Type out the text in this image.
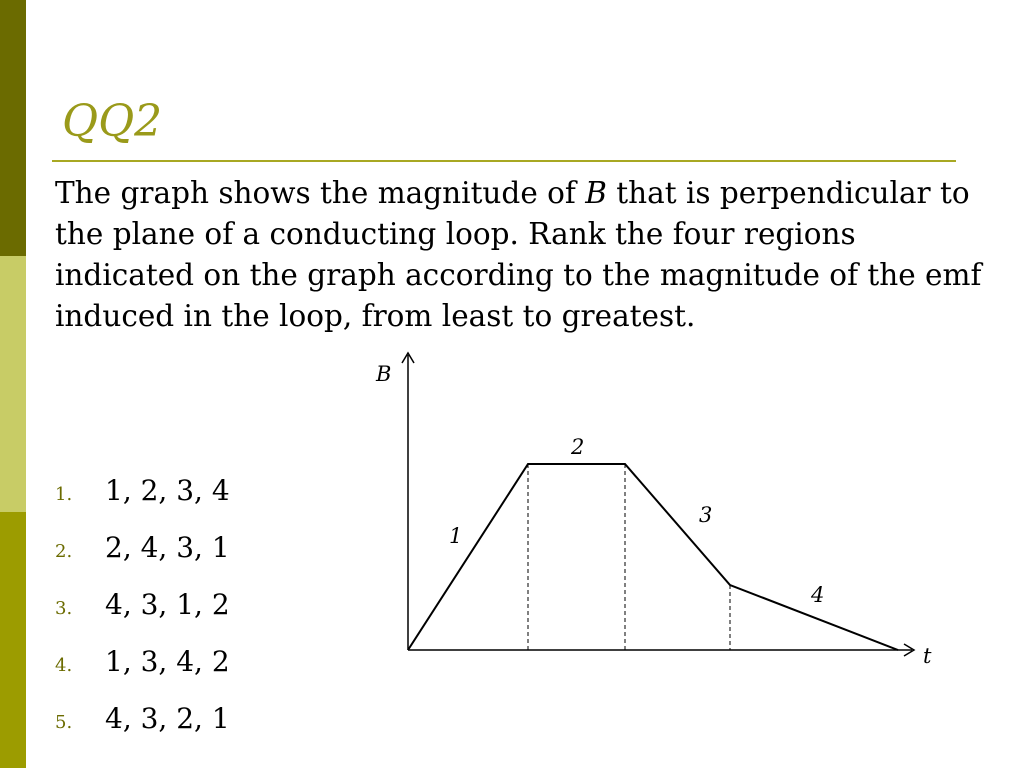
QQ2
The graph shows the magnitude of B that is perpendicular to the plane of a conducting loop. Rank the four regions indicated on the graph according to the magnitude of the emf induced in the loop, from least to greatest.
1. 1, 2, 3, 4
2. 2, 4, 3, 1
3. 4, 3, 1, 2
4. 1, 3, 4, 2
5. 4, 3, 2, 1
B
t
1
2
3
4
